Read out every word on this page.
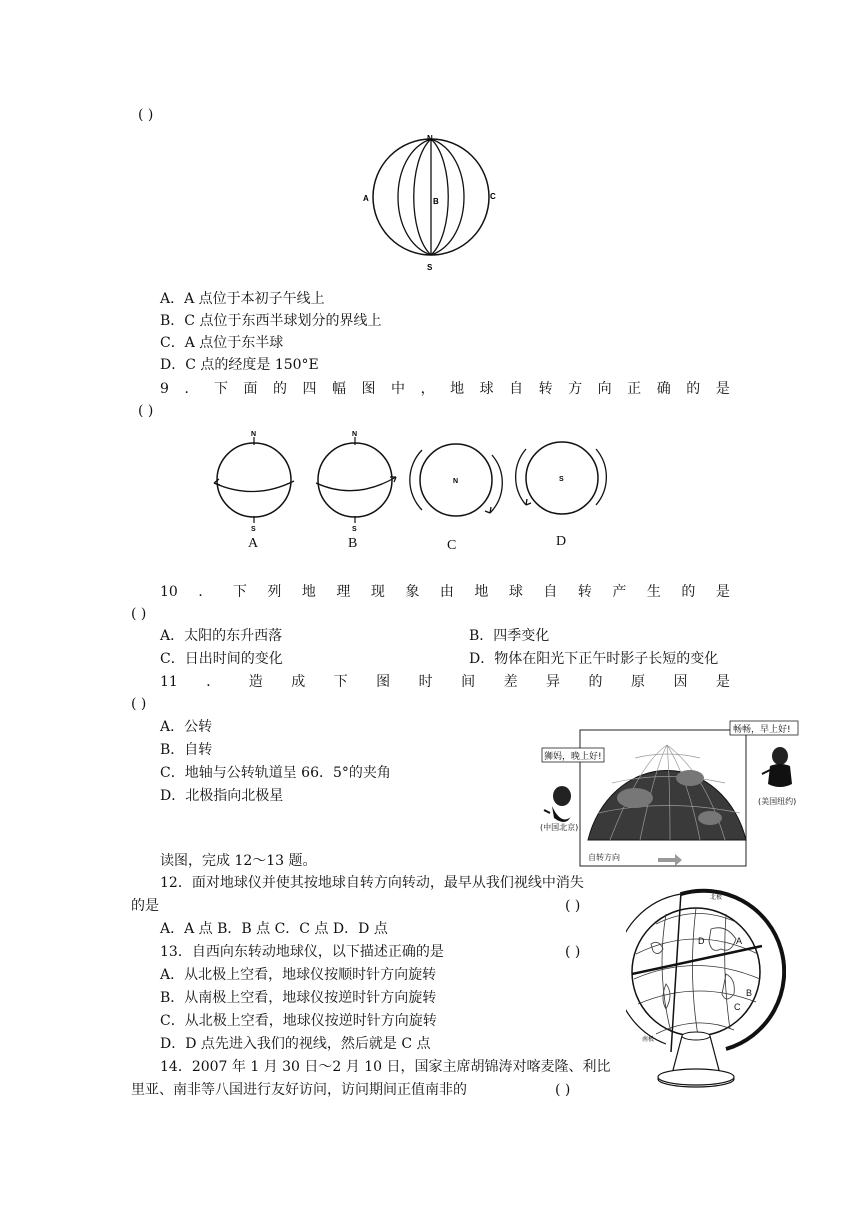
( )
N
S
A	B
C
A．A 点位于本初子午线上
B．C 点位于东西半球划分的界线上
C．A 点位于东半球
D．C 点的经度是 150°E
9 ． 下 面 的 四 幅 图 中 ， 地 球 自 转 方 向 正 确 的 是
( )
N
S
N
S
N	S
A	B	C	D
10 ． 下 列 地 理 现 象 由 地 球 自 转 产 生 的 是
( )
A．太阳的东升西落	B．四季变化
C．日出时间的变化	D．物体在阳光下正午时影子长短的变化
11 ． 造 成 下 图 时 间 差 异 的 原 因 是
( )
A．公转
B．自转
C．地轴与公转轨道呈 66．5°的夹角
D．北极指向北极星
狮妈，晚上好!
畅畅，早上好!
(中国北京)
(美国纽约)
自转方向
读图，完成 12～13 题。
12．面对地球仪并使其按地球自转方向转动，最早从我们视线中消失
的是	( )
A．A 点 B．B 点 C．C 点 D．D 点
13．自西向东转动地球仪，以下描述正确的是	( )
A．从北极上空看，地球仪按顺时针方向旋转
B．从南极上空看，地球仪按逆时针方向旋转
C．从北极上空看，地球仪按逆时针方向旋转
D．D 点先进入我们的视线，然后就是 C 点
14．2007 年 1 月 30 日～2 月 10 日，国家主席胡锦涛对喀麦隆、利比
里亚、南非等八国进行友好访问，访问期间正值南非的	( )
北极
南极
A
B
C
D
